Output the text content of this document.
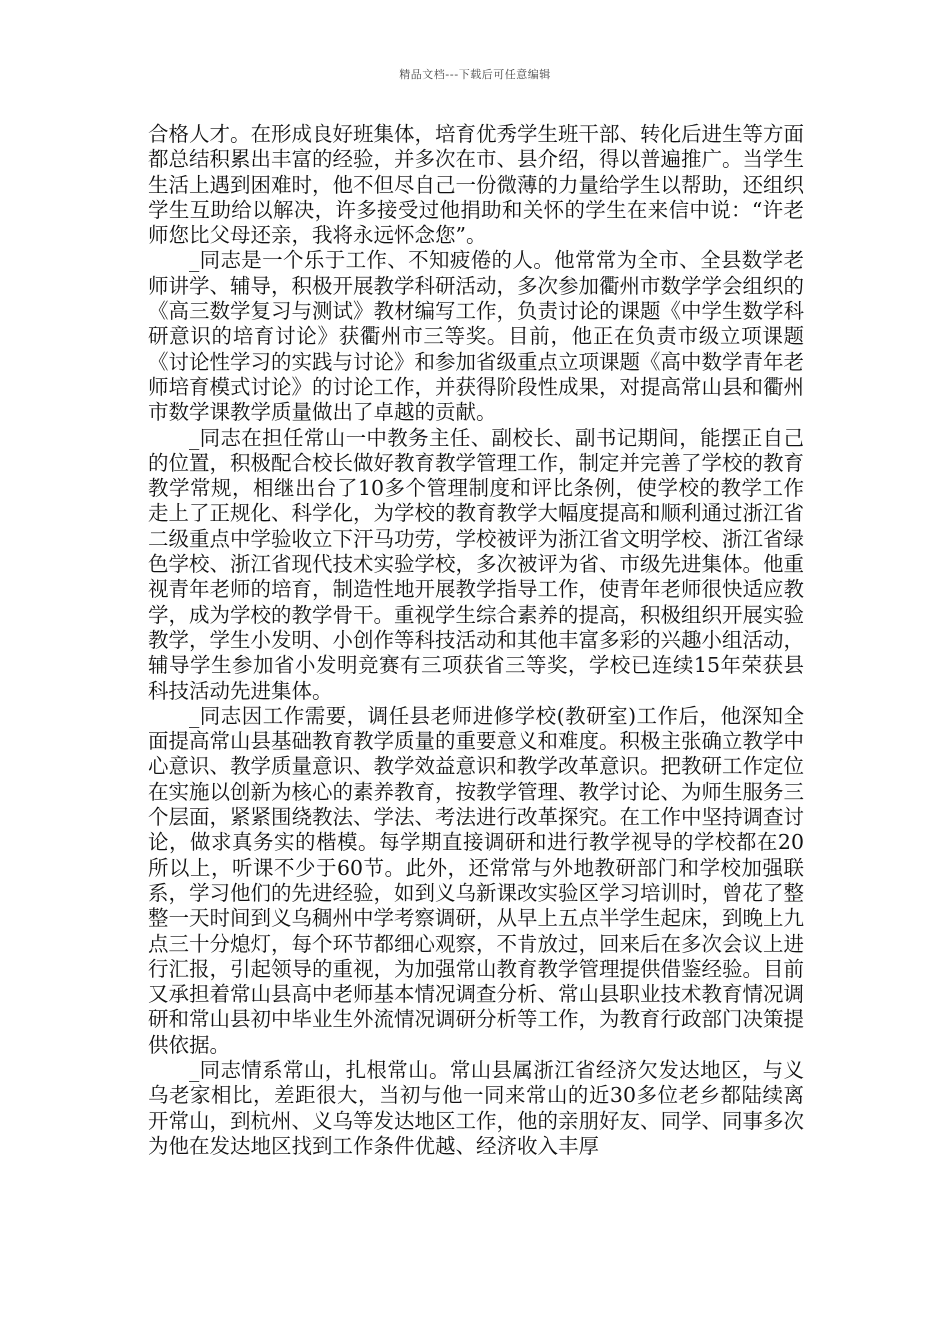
精品文档---下载后可任意编辑

合格人才。在形成良好班集体，培育优秀学生班干部、转化后进生等方面都总结积累出丰富的经验，并多次在市、县介绍，得以普遍推广。当学生生活上遇到困难时，他不但尽自己一份微薄的力量给学生以帮助，还组织学生互助给以解决，许多接受过他捐助和关怀的学生在来信中说：“许老师您比父母还亲，我将永远怀念您”。

_同志是一个乐于工作、不知疲倦的人。他常常为全市、全县数学老师讲学、辅导，积极开展教学科研活动，多次参加衢州市数学学会组织的《高三数学复习与测试》教材编写工作，负责讨论的课题《中学生数学科研意识的培育讨论》获衢州市三等奖。目前，他正在负责市级立项课题《讨论性学习的实践与讨论》和参加省级重点立项课题《高中数学青年老师培育模式讨论》的讨论工作，并获得阶段性成果，对提高常山县和衢州市数学课教学质量做出了卓越的贡献。

_同志在担任常山一中教务主任、副校长、副书记期间，能摆正自己的位置，积极配合校长做好教育教学管理工作，制定并完善了学校的教育教学常规，相继出台了10多个管理制度和评比条例，使学校的教学工作走上了正规化、科学化，为学校的教育教学大幅度提高和顺利通过浙江省二级重点中学验收立下汗马功劳，学校被评为浙江省文明学校、浙江省绿色学校、浙江省现代技术实验学校，多次被评为省、市级先进集体。他重视青年老师的培育，制造性地开展教学指导工作，使青年老师很快适应教学，成为学校的教学骨干。重视学生综合素养的提高，积极组织开展实验教学，学生小发明、小创作等科技活动和其他丰富多彩的兴趣小组活动，辅导学生参加省小发明竞赛有三项获省三等奖，学校已连续15年荣获县科技活动先进集体。

_同志因工作需要，调任县老师进修学校(教研室)工作后，他深知全面提高常山县基础教育教学质量的重要意义和难度。积极主张确立教学中心意识、教学质量意识、教学效益意识和教学改革意识。把教研工作定位在实施以创新为核心的素养教育，按教学管理、教学讨论、为师生服务三个层面，紧紧围绕教法、学法、考法进行改革探究。在工作中坚持调查讨论，做求真务实的楷模。每学期直接调研和进行教学视导的学校都在20所以上，听课不少于60节。此外，还常常与外地教研部门和学校加强联系，学习他们的先进经验，如到义乌新课改实验区学习培训时，曾花了整整一天时间到义乌稠州中学考察调研，从早上五点半学生起床，到晚上九点三十分熄灯，每个环节都细心观察，不肯放过，回来后在多次会议上进行汇报，引起领导的重视，为加强常山教育教学管理提供借鉴经验。目前又承担着常山县高中老师基本情况调查分析、常山县职业技术教育情况调研和常山县初中毕业生外流情况调研分析等工作，为教育行政部门决策提供依据。

_同志情系常山，扎根常山。常山县属浙江省经济欠发达地区，与义乌老家相比，差距很大，当初与他一同来常山的近30多位老乡都陆续离开常山，到杭州、义乌等发达地区工作，他的亲朋好友、同学、同事多次为他在发达地区找到工作条件优越、经济收入丰厚
